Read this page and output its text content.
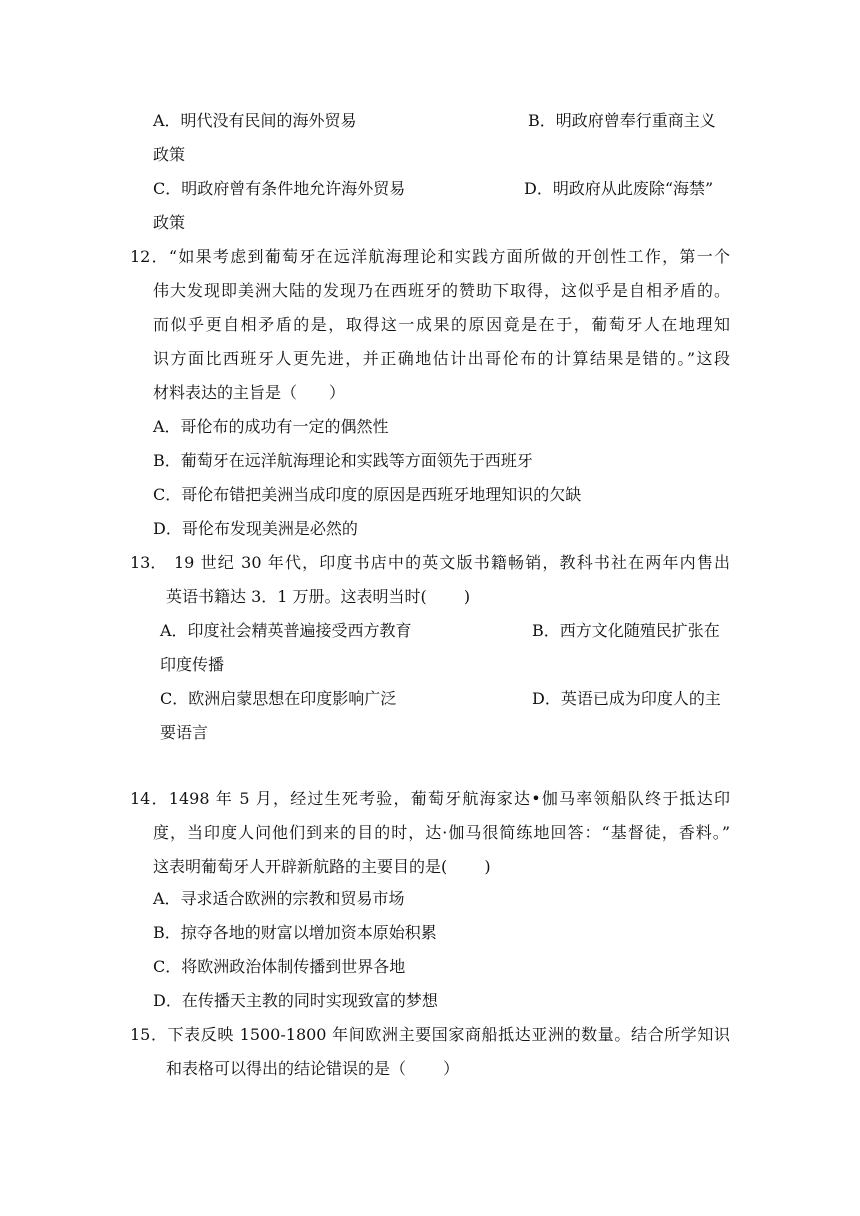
A．明代没有民间的海外贸易	B．明政府曾奉行重商主义
政策
C．明政府曾有条件地允许海外贸易	D．明政府从此废除“海禁”
政策
12．“如果考虑到葡萄牙在远洋航海理论和实践方面所做的开创性工作，第一个
伟大发现即美洲大陆的发现乃在西班牙的赞助下取得，这似乎是自相矛盾的。
而似乎更自相矛盾的是，取得这一成果的原因竟是在于，葡萄牙人在地理知
识方面比西班牙人更先进，并正确地估计出哥伦布的计算结果是错的。”这段
材料表达的主旨是（　　）
A．哥伦布的成功有一定的偶然性
B．葡萄牙在远洋航海理论和实践等方面领先于西班牙
C．哥伦布错把美洲当成印度的原因是西班牙地理知识的欠缺
D．哥伦布发现美洲是必然的
13． 19 世纪 30 年代，印度书店中的英文版书籍畅销，教科书社在两年内售出
英语书籍达 3．1 万册。这表明当时(　　 )
A．印度社会精英普遍接受西方教育	B．西方文化随殖民扩张在
印度传播
C．欧洲启蒙思想在印度影响广泛	D．英语已成为印度人的主
要语言
14．1498 年 5 月，经过生死考验，葡萄牙航海家达•伽马率领船队终于抵达印
度，当印度人问他们到来的目的时，达·伽马很简练地回答：“基督徒，香料。”
这表明葡萄牙人开辟新航路的主要目的是(　　 )
A．寻求适合欧洲的宗教和贸易市场
B．掠夺各地的财富以增加资本原始积累
C．将欧洲政治体制传播到世界各地
D．在传播天主教的同时实现致富的梦想
15．下表反映 1500-1800 年间欧洲主要国家商船抵达亚洲的数量。结合所学知识
和表格可以得出的结论错误的是（　　 ）
